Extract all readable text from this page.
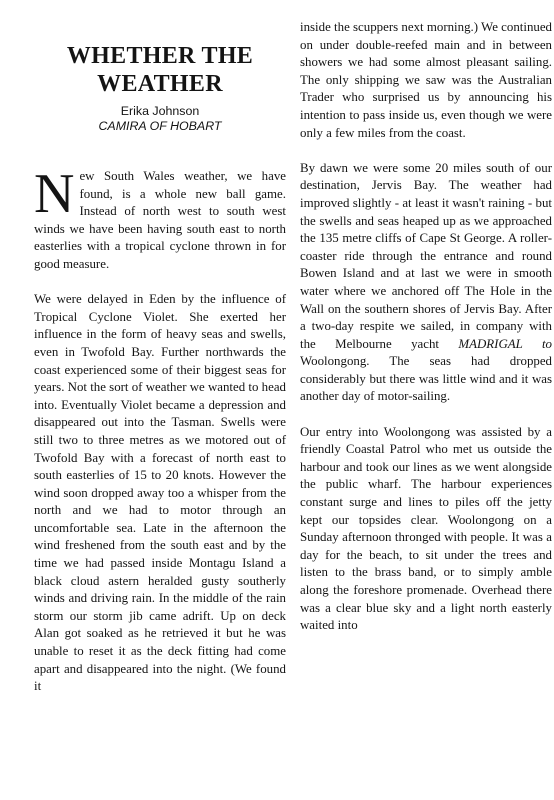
WHETHER THE
WEATHER
Erika Johnson
CAMIRA OF HOBART

New South Wales weather, we have found, is a whole new ball game. Instead of north west to south west winds we have been having south east to north easterlies with a tropical cyclone thrown in for good measure.

We were delayed in Eden by the influence of Tropical Cyclone Violet. She exerted her influence in the form of heavy seas and swells, even in Twofold Bay. Further northwards the coast experienced some of their biggest seas for years. Not the sort of weather we wanted to head into. Eventually Violet became a depression and disappeared out into the Tasman. Swells were still two to three metres as we motored out of Twofold Bay with a forecast of north east to south easterlies of 15 to 20 knots. However the wind soon dropped away too a whisper from the north and we had to motor through an uncomfortable sea. Late in the afternoon the wind freshened from the south east and by the time we had passed inside Montagu Island a black cloud astern heralded gusty southerly winds and driving rain. In the middle of the rain storm our storm jib came adrift. Up on deck Alan got soaked as he retrieved it but he was unable to reset it as the deck fitting had come apart and disappeared into the night. (We found it

inside the scuppers next morning.) We continued on under double-reefed main and in between showers we had some almost pleasant sailing. The only shipping we saw was the Australian Trader who surprised us by announcing his intention to pass inside us, even though we were only a few miles from the coast.

By dawn we were some 20 miles south of our destination, Jervis Bay. The weather had improved slightly - at least it wasn't raining - but the swells and seas heaped up as we approached the 135 metre cliffs of Cape St George. A roller-coaster ride through the entrance and round Bowen Island and at last we were in smooth water where we anchored off The Hole in the Wall on the southern shores of Jervis Bay. After a two-day respite we sailed, in company with the Melbourne yacht MADRIGAL to Woolongong. The seas had dropped considerably but there was little wind and it was another day of motor-sailing.

Our entry into Woolongong was assisted by a friendly Coastal Patrol who met us outside the harbour and took our lines as we went alongside the public wharf. The harbour experiences constant surge and lines to piles off the jetty kept our topsides clear. Woolongong on a Sunday afternoon thronged with people. It was a day for the beach, to sit under the trees and listen to the brass band, or to simply amble along the foreshore promenade. Overhead there was a clear blue sky and a light north easterly waited into
